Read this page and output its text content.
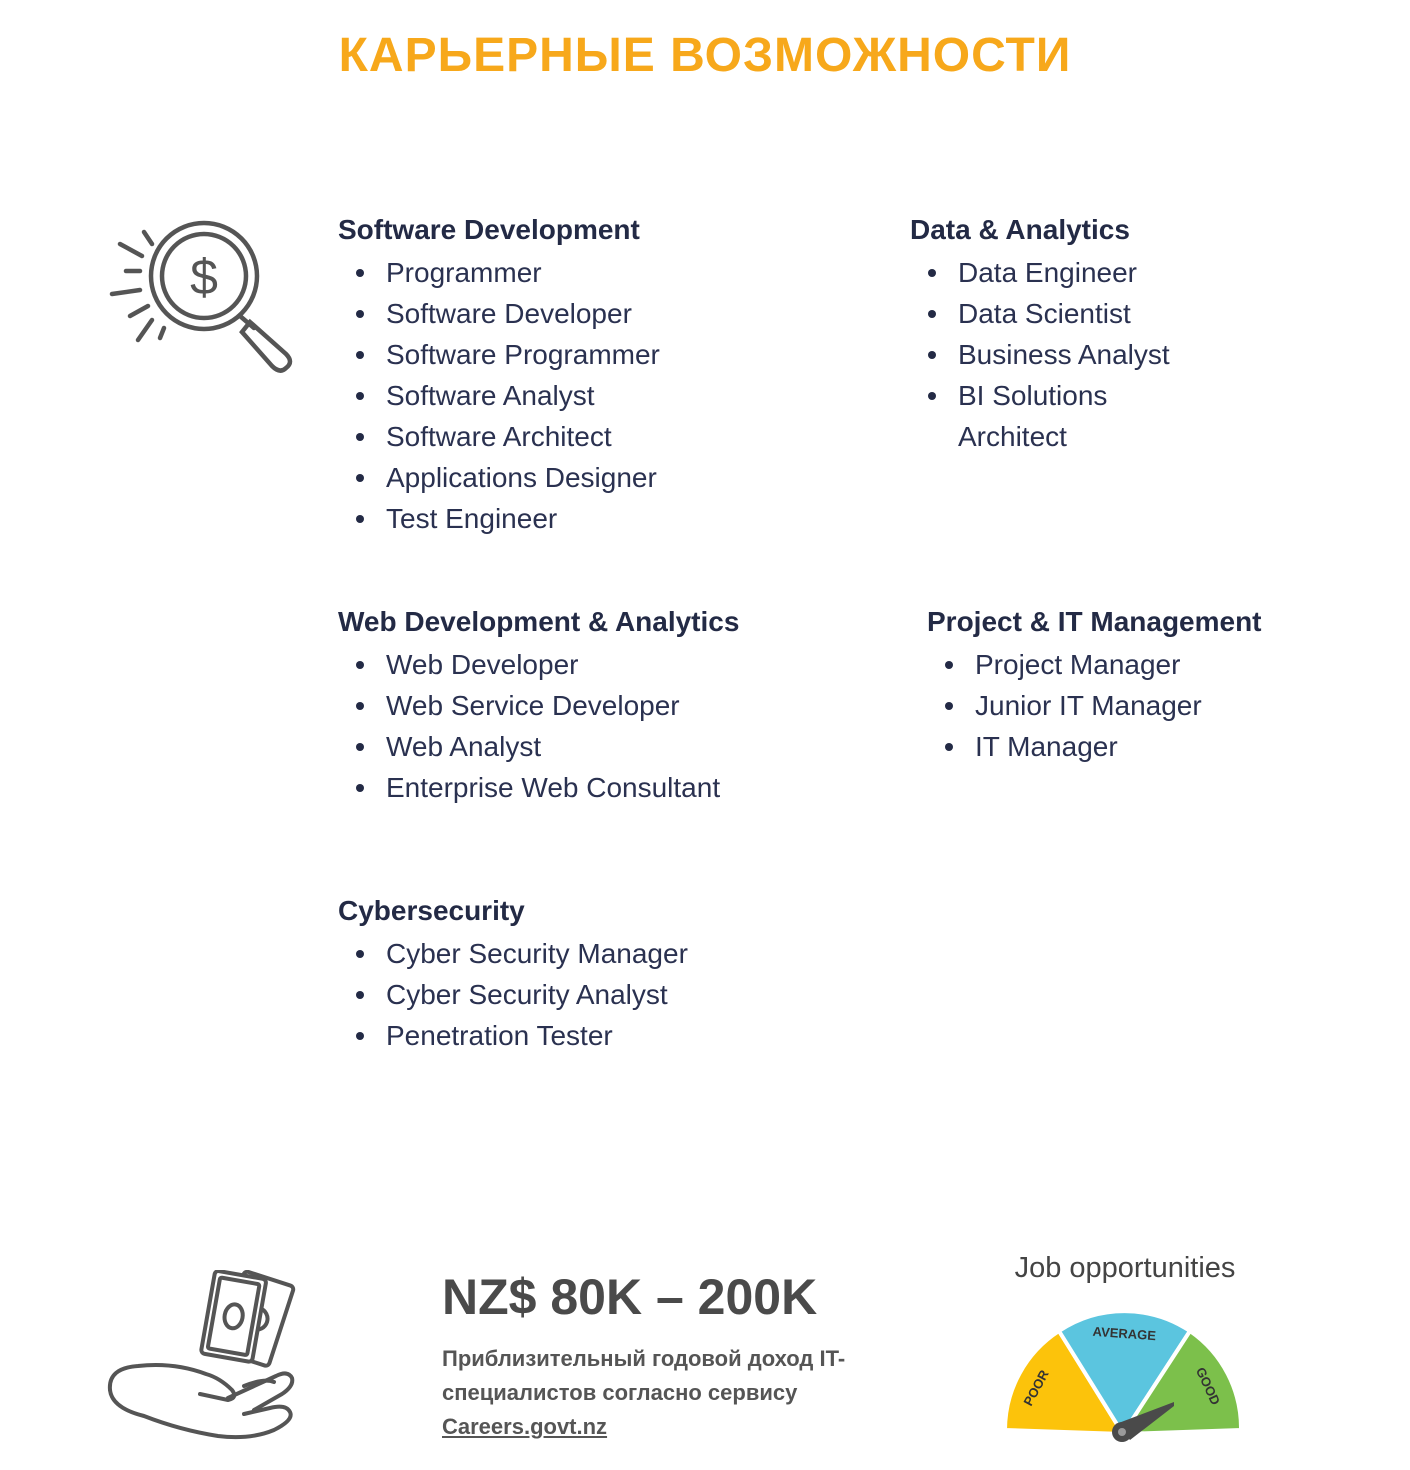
КАРЬЕРНЫЕ ВОЗМОЖНОСТИ
$
Software Development
Programmer
Software Developer
Software Programmer
Software Analyst
Software Architect
Applications Designer
Test Engineer
Data & Analytics
Data Engineer
Data Scientist
Business Analyst
BI Solutions Architect
Web Development & Analytics
Web Developer
Web Service Developer
Web Analyst
Enterprise Web Consultant
Project & IT Management
Project Manager
Junior IT Manager
IT Manager
Cybersecurity
Cyber Security Manager
Cyber Security Analyst
Penetration Tester

NZ$ 80K – 200K

Приблизительный годовой доход IT-специалистов согласно сервису Careers.govt.nz

Job opportunities

POOR
AVERAGE
GOOD
